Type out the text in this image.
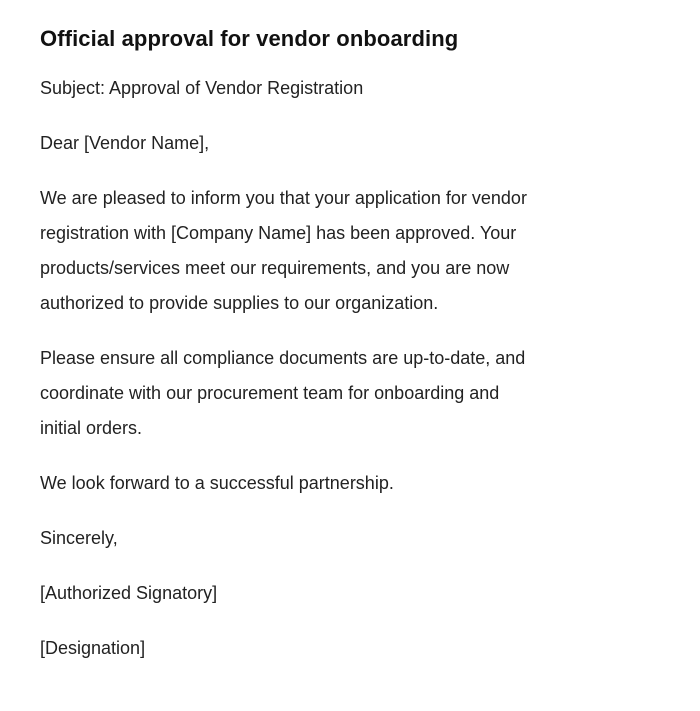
Official approval for vendor onboarding

Subject: Approval of Vendor Registration

Dear [Vendor Name],

We are pleased to inform you that your application for vendor
registration with [Company Name] has been approved. Your
products/services meet our requirements, and you are now
authorized to provide supplies to our organization.

Please ensure all compliance documents are up-to-date, and
coordinate with our procurement team for onboarding and
initial orders.

We look forward to a successful partnership.

Sincerely,

[Authorized Signatory]

[Designation]
